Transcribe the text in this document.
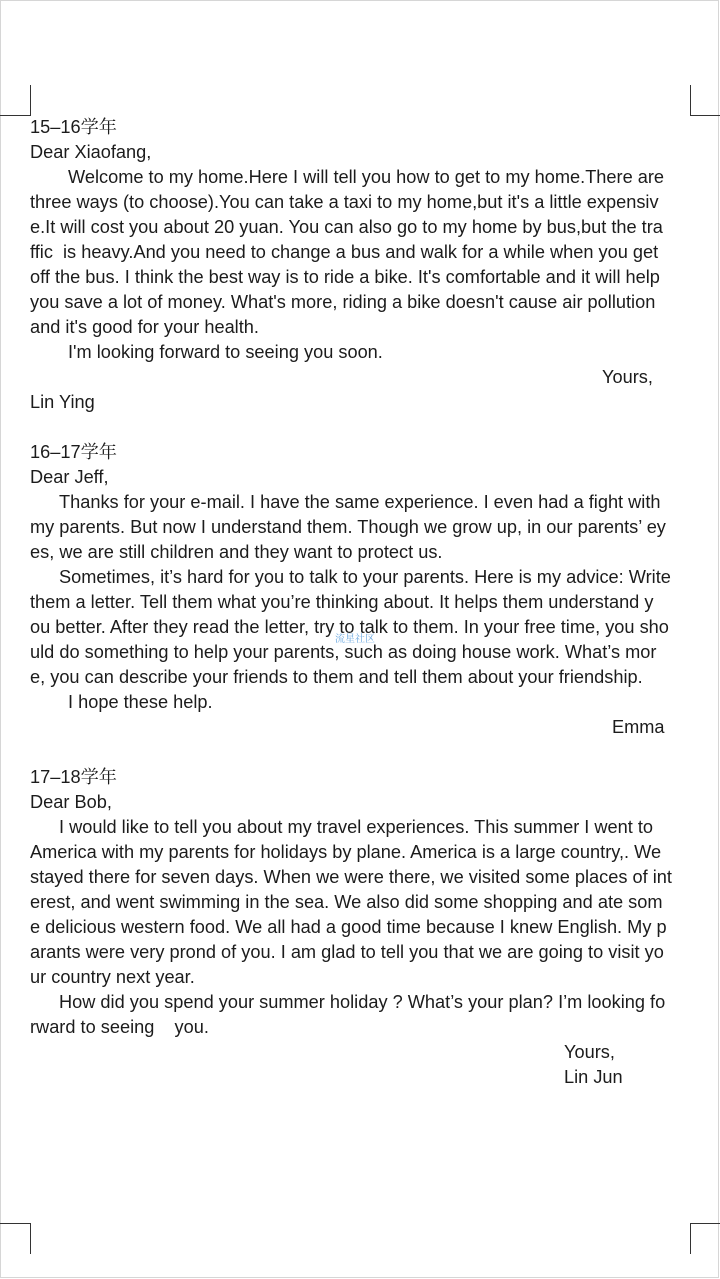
15–16学年
Dear Xiaofang,
Welcome to my home.Here I will tell you how to get to my home.There are
three ways (to choose).You can take a taxi to my home,but it's a little expensiv
e.It will cost you about 20 yuan. You can also go to my home by bus,but the tra
ffic  is heavy.And you need to change a bus and walk for a while when you get
off the bus. I think the best way is to ride a bike. It's comfortable and it will help
you save a lot of money. What's more, riding a bike doesn't cause air pollution
and it's good for your health.
I'm looking forward to seeing you soon.
Yours,
Lin Ying
16–17学年
Dear Jeff,
Thanks for your e-mail. I have the same experience. I even had a fight with
my parents. But now I understand them. Though we grow up, in our parents’ ey
es, we are still children and they want to protect us.
Sometimes, it’s hard for you to talk to your parents. Here is my advice: Write
them a letter. Tell them what you’re thinking about. It helps them understand y
ou better. After they read the letter, try to talk to them. In your free time, you sho
uld do something to help your parents, such as doing house work. What’s mor
e, you can describe your friends to them and tell them about your friendship.
I hope these help.
Emma
17–18学年
Dear Bob,
I would like to tell you about my travel experiences. This summer I went to
America with my parents for holidays by plane. America is a large country,. We
stayed there for seven days. When we were there, we visited some places of int
erest, and went swimming in the sea. We also did some shopping and ate som
e delicious western food. We all had a good time because I knew English. My p
arants were very prond of you. I am glad to tell you that we are going to visit yo
ur country next year.
How did you spend your summer holiday ? What’s your plan? I’m looking fo
rward to seeing    you.
Yours,
Lin Jun
流星社区
